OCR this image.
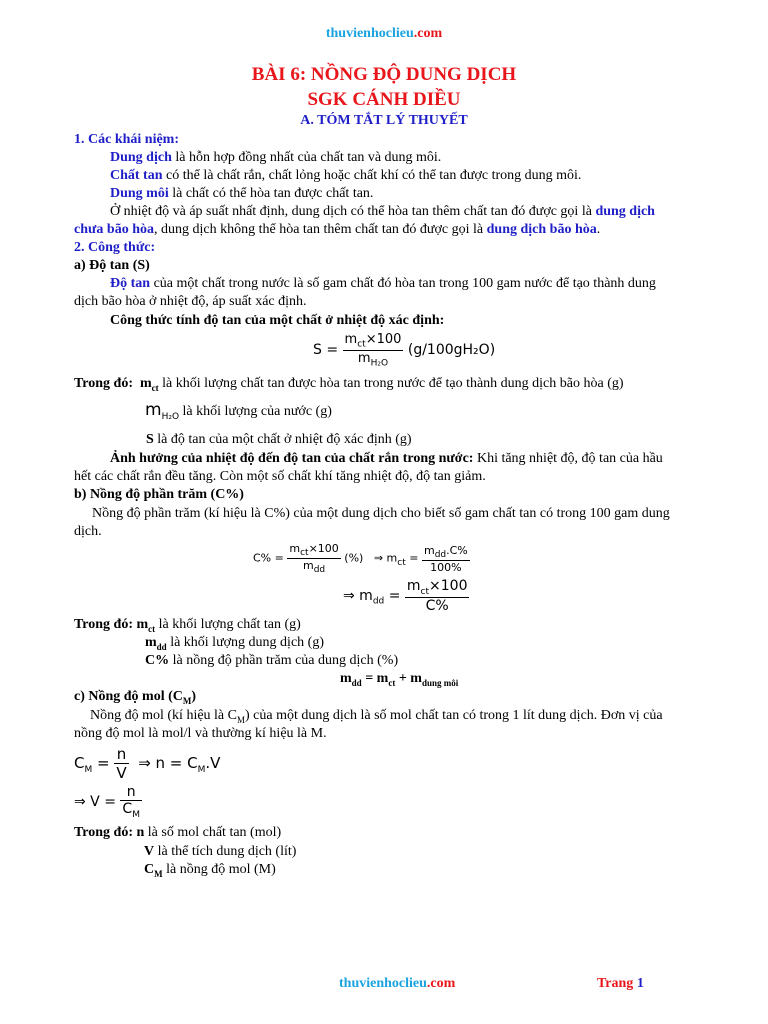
thuvienhoclieu.com
BÀI 6: NỒNG ĐỘ DUNG DỊCH
SGK CÁNH DIỀU
A. TÓM TẮT LÝ THUYẾT
1. Các khái niệm:
Dung dịch là hỗn hợp đồng nhất của chất tan và dung môi.
Chất tan có thể là chất rắn, chất lỏng hoặc chất khí có thể tan được trong dung môi.
Dung môi là chất có thể hòa tan được chất tan.
Ở nhiệt độ và áp suất nhất định, dung dịch có thể hòa tan thêm chất tan đó được gọi là dung dịch
chưa bão hòa, dung dịch không thể hòa tan thêm chất tan đó được gọi là dung dịch bão hòa.
2. Công thức:
a) Độ tan (S)
Độ tan của một chất trong nước là số gam chất đó hòa tan trong 100 gam nước để tạo thành dung
dịch bão hòa ở nhiệt độ, áp suất xác định.
Công thức tính độ tan của một chất ở nhiệt độ xác định:
$S = \frac{m_{ct}\times 100}{m_{H_2O}} (g/100gH_2O)$
Trong đó: $m_{ct}$ là khối lượng chất tan được hòa tan trong nước để tạo thành dung dịch bão hòa (g)
$m_{H_2O}$ là khối lượng của nước (g)
S là độ tan của một chất ở nhiệt độ xác định (g)
Ảnh hưởng của nhiệt độ đến độ tan của chất rắn trong nước: Khi tăng nhiệt độ, độ tan của hầu
hết các chất rắn đều tăng. Còn một số chất khí tăng nhiệt độ, độ tan giảm.
b) Nồng độ phần trăm (C%)
Nồng độ phần trăm (kí hiệu là C%) của một dung dịch cho biết số gam chất tan có trong 100 gam dung
dịch.
$C\% = \frac{m_{ct}\times 100}{m_{dd}}$ (%) ⇒ $m_{ct} = \frac{m_{dd}.C\%}{100\%}$
⇒ $m_{dd} = \frac{m_{ct}\times 100}{C\%}$
Trong đó: $m_{ct}$ là khối lượng chất tan (g)
$m_{dd}$ là khối lượng dung dịch (g)
C% là nồng độ phần trăm của dung dịch (%)
$m_{dd} = m_{ct} + m_{dung môi}$
c) Nồng độ mol $(C_M)$
Nồng độ mol (kí hiệu là $C_M$) của một dung dịch là số mol chất tan có trong 1 lít dung dịch. Đơn vị của
nồng độ mol là mol/l và thường kí hiệu là M.
$C_M = \frac{n}{V}$ ⇒ $n = C_M.V$
⇒ $V = \frac{n}{C_M}$
Trong đó: n là số mol chất tan (mol)
V là thể tích dung dịch (lít)
$C_M$ là nồng độ mol (M)
thuvienhoclieu.com	Trang 1
